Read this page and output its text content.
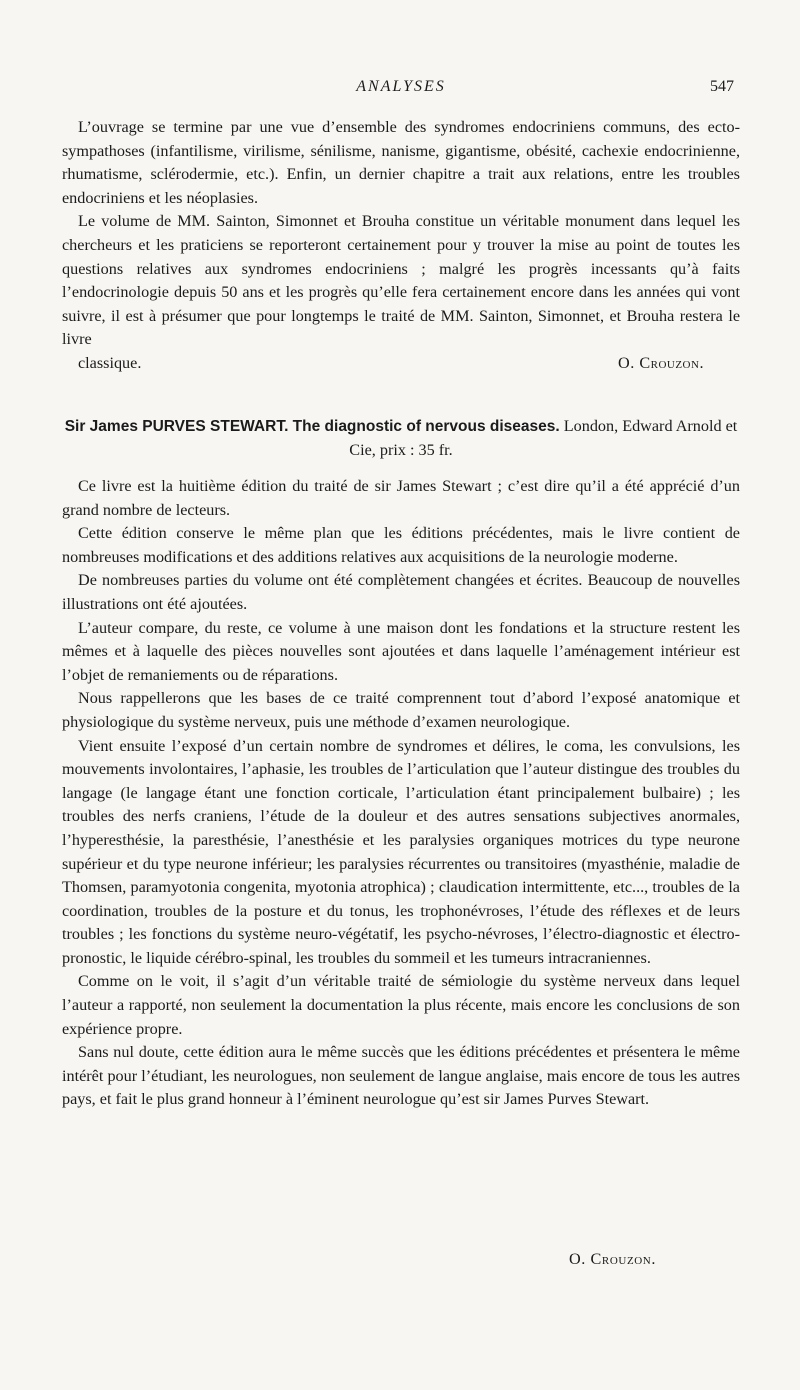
ANALYSES	547

L’ouvrage se termine par une vue d’ensemble des syndromes endocriniens communs, des ecto-sympathoses (infantilisme, virilisme, sénilisme, nanisme, gigantisme, obésité, cachexie endocrinienne, rhumatisme, sclérodermie, etc.). Enfin, un dernier chapitre a trait aux relations, entre les troubles endocriniens et les néoplasies.

Le volume de MM. Sainton, Simonnet et Brouha constitue un véritable monument dans lequel les chercheurs et les praticiens se reporteront certainement pour y trouver la mise au point de toutes les questions relatives aux syndromes endocriniens ; malgré les progrès incessants qu’à faits l’endocrinologie depuis 50 ans et les progrès qu’elle fera certainement encore dans les années qui vont suivre, il est à présumer que pour longtemps le traité de MM. Sainton, Simonnet, et Brouha restera le livre

classique.	O. Crouzon.

Sir James PURVES STEWART. The diagnostic of nervous diseases. London, Edward Arnold et Cie, prix : 35 fr.

Ce livre est la huitième édition du traité de sir James Stewart ; c’est dire qu’il a été apprécié d’un grand nombre de lecteurs.

Cette édition conserve le même plan que les éditions précédentes, mais le livre contient de nombreuses modifications et des additions relatives aux acquisitions de la neurologie moderne.

De nombreuses parties du volume ont été complètement changées et écrites. Beaucoup de nouvelles illustrations ont été ajoutées.

L’auteur compare, du reste, ce volume à une maison dont les fondations et la structure restent les mêmes et à laquelle des pièces nouvelles sont ajoutées et dans laquelle l’aménagement intérieur est l’objet de remaniements ou de réparations.

Nous rappellerons que les bases de ce traité comprennent tout d’abord l’exposé anatomique et physiologique du système nerveux, puis une méthode d’examen neurologique.

Vient ensuite l’exposé d’un certain nombre de syndromes et délires, le coma, les convulsions, les mouvements involontaires, l’aphasie, les troubles de l’articulation que l’auteur distingue des troubles du langage (le langage étant une fonction corticale, l’articulation étant principalement bulbaire) ; les troubles des nerfs craniens, l’étude de la douleur et des autres sensations subjectives anormales, l’hyperesthésie, la paresthésie, l’anesthésie et les paralysies organiques motrices du type neurone supérieur et du type neurone inférieur; les paralysies récurrentes ou transitoires (myasthénie, maladie de Thomsen, paramyotonia congenita, myotonia atrophica) ; claudication intermittente, etc..., troubles de la coordination, troubles de la posture et du tonus, les trophonévroses, l’étude des réflexes et de leurs troubles ; les fonctions du système neuro-végétatif, les psycho-névroses, l’électro-diagnostic et électro-pronostic, le liquide cérébro-spinal, les troubles du sommeil et les tumeurs intracraniennes.

Comme on le voit, il s’agit d’un véritable traité de sémiologie du système nerveux dans lequel l’auteur a rapporté, non seulement la documentation la plus récente, mais encore les conclusions de son expérience propre.

Sans nul doute, cette édition aura le même succès que les éditions précédentes et présentera le même intérêt pour l’étudiant, les neurologues, non seulement de langue anglaise, mais encore de tous les autres pays, et fait le plus grand honneur à l’éminent neurologue qu’est sir James Purves Stewart.

O. Crouzon.
